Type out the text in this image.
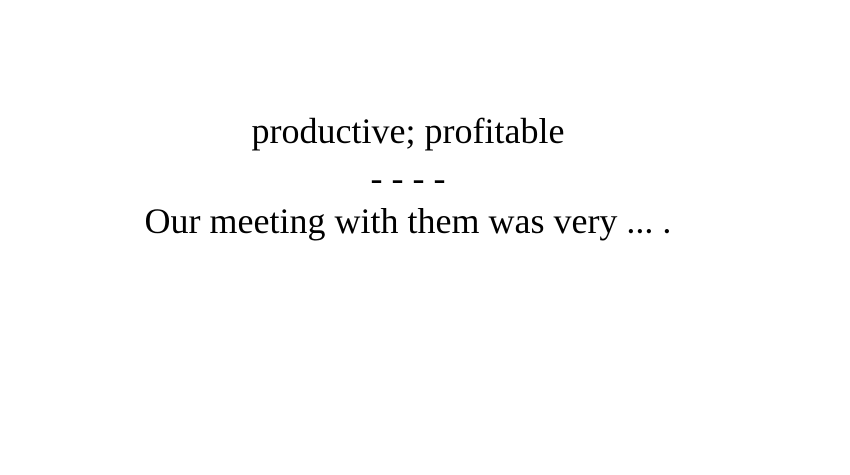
productive; profitable
- - - -
Our meeting with them was very ... .
